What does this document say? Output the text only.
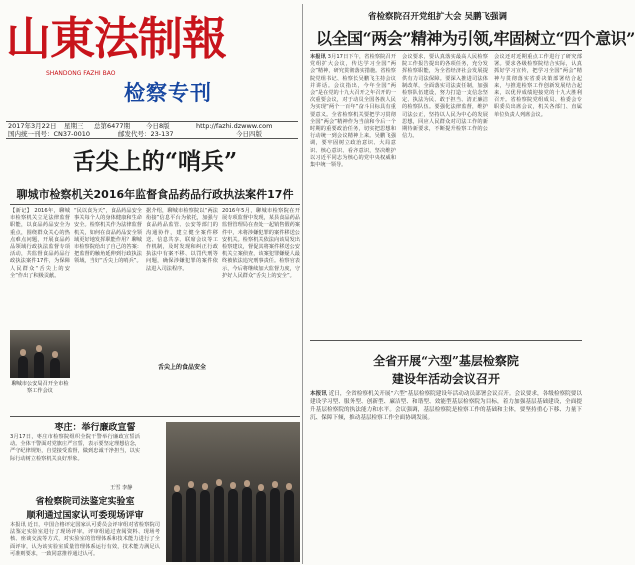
山東法制報
SHANDONG FAZHI BAO
检察专刊
2017年3月22日 星期三 总第6477期 今日8版	http://fazhi.dzwww.com
国内统一刊号：CN37-0010	邮发代号：23-137	今日四版
省检察院召开党组扩大会 吴鹏飞强调
以全国“两会”精神为引领,牢固树立“四个意识”
本报讯 3月17日下午，省检察院召开党组扩大会议，传达学习全国“两会”精神，研究贯彻落实措施。省检察院党组书记、检察长吴鹏飞主持会议并讲话。会议指出，今年全国“两会”是在党的十九大召开之年召开的一次重要会议，对于动员全国各族人民为实现“两个一百年”奋斗目标具有重要意义。全省检察机关要把学习贯彻全国“两会”精神作为当前和今后一个时期的重要政治任务，切实把思想和行动统一到会议精神上来。吴鹏飞强调，要牢固树立政治意识、大局意识、核心意识、看齐意识，坚决维护以习近平同志为核心的党中央权威和集中统一领导。
会议要求，要认真落实最高人民检察院工作报告提出的各项任务，充分发挥检察职能，为全省经济社会发展提供有力司法保障。要深入推进司法体制改革，全面落实司法责任制，加强检察队伍建设，努力打造一支信念坚定、执法为民、敢于担当、清正廉洁的检察队伍。要强化法律监督，维护司法公正，坚持以人民为中心的发展思想，回应人民群众对司法工作的新期待新要求，不断提升检察工作的公信力。
会议还对近期重点工作进行了研究部署。要求各级检察院结合实际，认真抓好学习宣传，把学习全国“两会”精神与贯彻落实省委决策部署结合起来，与推进检察工作创新发展结合起来，以优异成绩迎接党的十九大胜利召开。省检察院党组成员、检委会专职委员出席会议，机关各部门、直属单位负责人列席会议。
舌尖上的“哨兵”
聊城市检察机关2016年监督食品药品行政执法案件17件
【新记】 2016年，聊城市检察机关立足法律监督职能，以食品药品安全为重点，围绕群众关心的热点难点问题，开展食品药品领域行政执法监督专项活动，共监督食品药品行政执法案件17件，为保障人民群众“舌尖上的安全”作出了积极贡献。
“民以食为天”，食品药品安全事关每个人的身体健康和生命安全。检察机关作为法律监督机关，如何在食品药品安全领域更好地发挥职能作用？聊城市检察院给出了自己的答案：把监督的触角延伸到行政执法领域，当好“舌尖上的哨兵”。
据介绍，聊城市检察院以“两法衔接”信息平台为依托，加强与食品药品监管、公安等部门的沟通协作，建立健全案件移送、信息共享、联席会议等工作机制，及时发现和纠正行政执法中有案不移、以罚代刑等问题，确保涉嫌犯罪的案件依法进入司法程序。
舌尖上的食品安全
2016年5月，聊城市检察院在开展专项监督中发现，某县食品药品监督管理局在查处一起销售假药案件中，未将涉嫌犯罪的案件移送公安机关。检察机关依法向该局发出检察建议，督促其将案件移送公安机关立案侦查，该案犯罪嫌疑人最终被依法追究刑事责任。检察官表示，今后将继续加大监督力度，守护好人民群众“舌尖上的安全”。
聊城市公安局召开全市检察工作会议
枣庄：举行廉政宣誓
3月17日，枣庄市检察院组织全院干警举行廉政宣誓活动。全体干警面对党旗庄严宣誓，表示要坚定理想信念，严守纪律规矩，自觉接受监督，做到忠诚干净担当，以实际行动树立检察机关良好形象。
王雪 李静
省检察院司法鉴定实验室
顺利通过国家认可委现场评审
本报讯 近日，中国合格评定国家认可委员会评审组对省检察院司法鉴定实验室进行了现场评审。评审组通过查阅资料、现场考核、座谈交流等方式，对实验室的管理体系和技术能力进行了全面评审，认为该实验室质量管理体系运行有效，技术能力满足认可准则要求，一致同意推荐通过认可。
全省开展“六型”基层检察院
建设年活动会议召开
本报讯 近日，全省检察机关开展“六型”基层检察院建设年活动动员部署会议召开。会议要求，各级检察院要以建设学习型、服务型、创新型、廉洁型、和谐型、效能型基层检察院为目标，着力加强基层基础建设，全面提升基层检察院的执法能力和水平。会议强调，基层检察院是检察工作的基础和主体，要坚持重心下移、力量下沉、保障下倾，推动基层检察工作全面协调发展。
